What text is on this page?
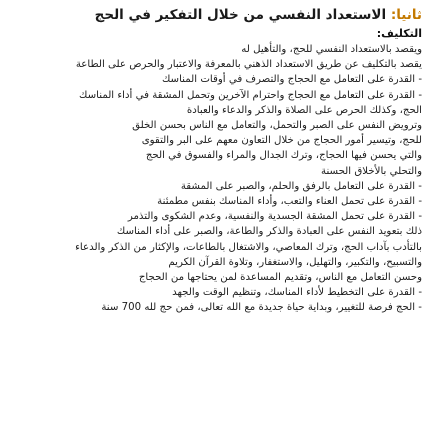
ثانيا: الاستعداد النفسي من خلال التفكير في الحج
التكليف:

ويقصد بالاستعداد النفسي للحج، والتأهيل له

يقصد بالتكليف عن طريق الاستعداد الذهني بالمعرفة والاعتبار والحرص على الطاعة

- القدرة على التعامل مع الحجاج والتصرف في أوقات المناسك

- القدرة على التعامل مع الحجاج واحترام الآخرين وتحمل المشقة في أداء المناسك

الحج، وكذلك الحرص على الصلاة والذكر والدعاء والعبادة

وترويض النفس على الصبر والتحمل، والتعامل مع الناس بحسن الخلق

للحج، وتيسير أمور الحجاج من خلال التعاون معهم على البر والتقوى

والتي يحسن فيها الحجاج، وترك الجدال والمراء والفسوق في الحج

والتحلي بالأخلاق الحسنة

- القدرة على التعامل بالرفق والحلم، والصبر على المشقة

- القدرة على تحمل العناء والتعب، وأداء المناسك بنفس مطمئنة

- القدرة على تحمل المشقة الجسدية والنفسية، وعدم الشكوى والتذمر

ذلك بتعويد النفس على العبادة والذكر والطاعة، والصبر على أداء المناسك

بالتأدب بآداب الحج، وترك المعاصي، والاشتغال بالطاعات، والإكثار من الذكر والدعاء

والتسبيح، والتكبير، والتهليل، والاستغفار، وتلاوة القرآن الكريم

وحسن التعامل مع الناس، وتقديم المساعدة لمن يحتاجها من الحجاج

- القدرة على التخطيط لأداء المناسك، وتنظيم الوقت والجهد

- الحج فرصة للتغيير، وبداية حياة جديدة مع الله تعالى، فمن حج لله 700 سنة
